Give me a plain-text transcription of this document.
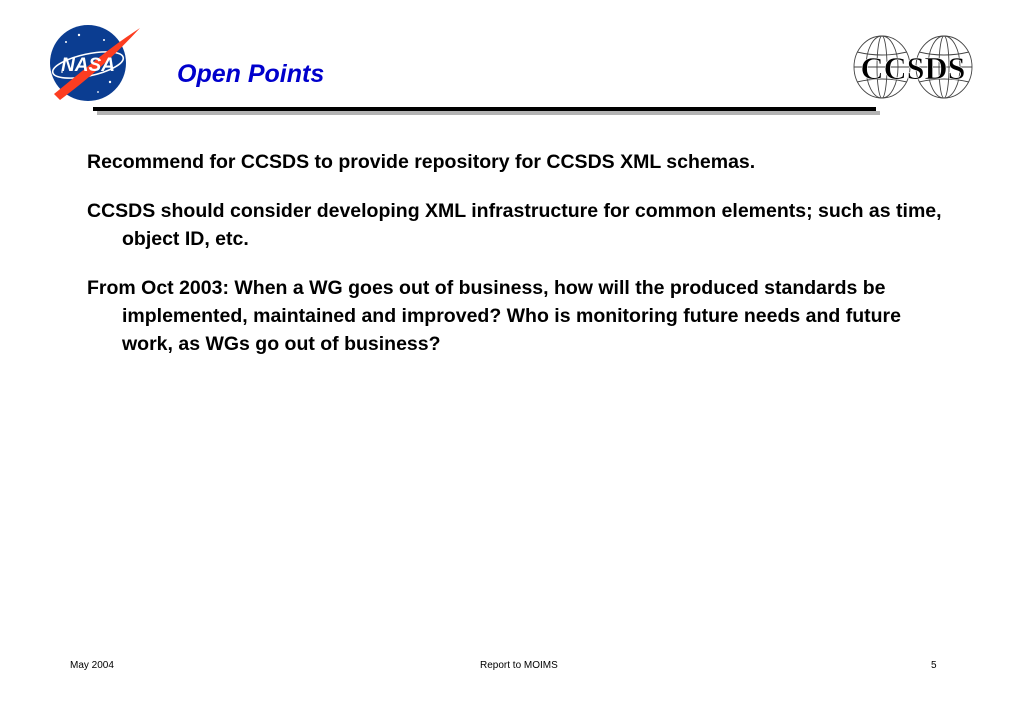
NASA Open Points	CCSDS
Recommend for CCSDS to provide repository for CCSDS XML schemas.
CCSDS should consider developing XML infrastructure for common elements; such as time, object ID, etc.
From Oct 2003: When a WG goes out of business, how will the produced standards be implemented, maintained and improved? Who is monitoring future needs and future work, as WGs go out of business?
May 2004	Report to MOIMS	5
